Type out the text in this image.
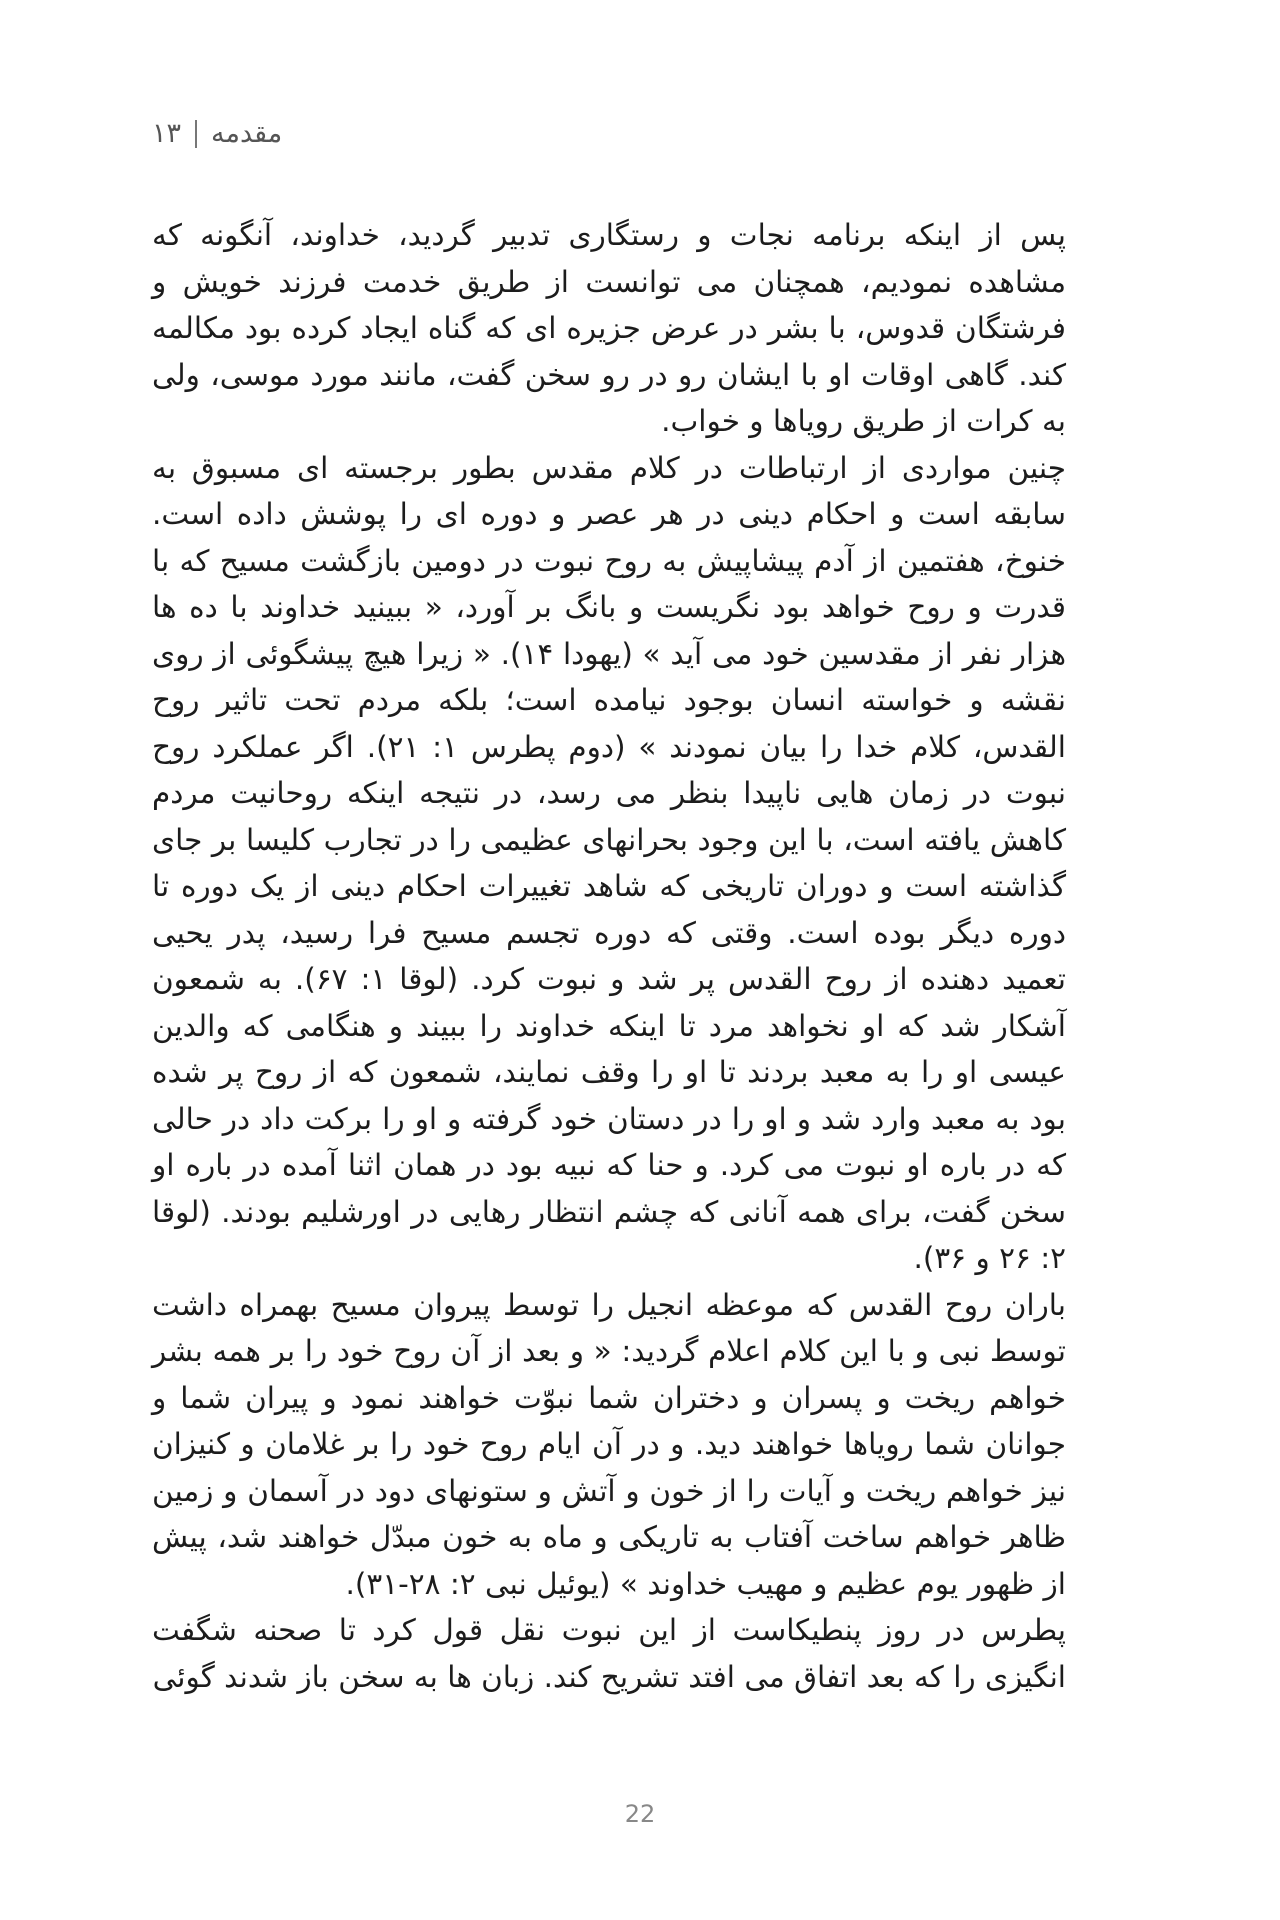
مقدمه
۱۳

پس از اینکه برنامه نجات و رستگاری تدبیر گردید، خداوند، آنگونه که مشاهده نمودیم، همچنان می توانست از طریق خدمت فرزند خویش و فرشتگان قدوس، با بشر در عرض جزیره ای که گناه ایجاد کرده بود مکالمه کند. گاهی اوقات او با ایشان رو در رو سخن گفت، مانند مورد موسی، ولی به کرات از طریق رویاها و خواب.

چنین مواردی از ارتباطات در کلام مقدس بطور برجسته ای مسبوق به سابقه است و احکام دینی در هر عصر و دوره ای را پوشش داده است. خنوخ، هفتمین از آدم پیشاپیش به روح نبوت در دومین بازگشت مسیح که با قدرت و روح خواهد بود نگریست و بانگ بر آورد، « ببینید خداوند با ده ها هزار نفر از مقدسین خود می آید » (یهودا ۱۴). « زیرا هیچ پیشگوئی از روی نقشه و خواسته انسان بوجود نیامده است؛ بلکه مردم تحت تاثیر روح القدس، کلام خدا را بیان نمودند » (دوم پطرس ۱: ۲۱). اگر عملکرد روح نبوت در زمان هایی ناپیدا بنظر می رسد، در نتیجه اینکه روحانیت مردم کاهش یافته است، با این وجود بحرانهای عظیمی را در تجارب کلیسا بر جای گذاشته است و دوران تاریخی که شاهد تغییرات احکام دینی از یک دوره تا دوره دیگر بوده است. وقتی که دوره تجسم مسیح فرا رسید، پدر یحیی تعمید دهنده از روح القدس پر شد و نبوت کرد. (لوقا ۱: ۶۷). به شمعون آشکار شد که او نخواهد مرد تا اینکه خداوند را ببیند و هنگامی که والدین عیسی او را به معبد بردند تا او را وقف نمایند، شمعون که از روح پر شده بود به معبد وارد شد و او را در دستان خود گرفته و او را برکت داد در حالی که در باره او نبوت می کرد. و حنا که نبیه بود در همان اثنا آمده در باره او سخن گفت، برای همه آنانی که چشم انتظار رهایی در اورشلیم بودند. (لوقا ۲: ۲۶ و ۳۶).

باران روح القدس که موعظه انجیل را توسط پیروان مسیح بهمراه داشت توسط نبی و با این کلام اعلام گردید: « و بعد از آن روح خود را بر همه بشر خواهم ریخت و پسران و دختران شما نبوّت خواهند نمود و پیران شما و جوانان شما رویاها خواهند دید. و در آن ایام روح خود را بر غلامان و کنیزان نیز خواهم ریخت و آیات را از خون و آتش و ستونهای دود در آسمان و زمین ظاهر خواهم ساخت آفتاب به تاریکی و ماه به خون مبدّل خواهند شد، پیش از ظهور یوم عظیم و مهیب خداوند » (یوئیل نبی ۲: ۲۸-۳۱).

پطرس در روز پنطیکاست از این نبوت نقل قول کرد تا صحنه شگفت انگیزی را که بعد اتفاق می افتد تشریح کند. زبان ها به سخن باز شدند گوئی

22
